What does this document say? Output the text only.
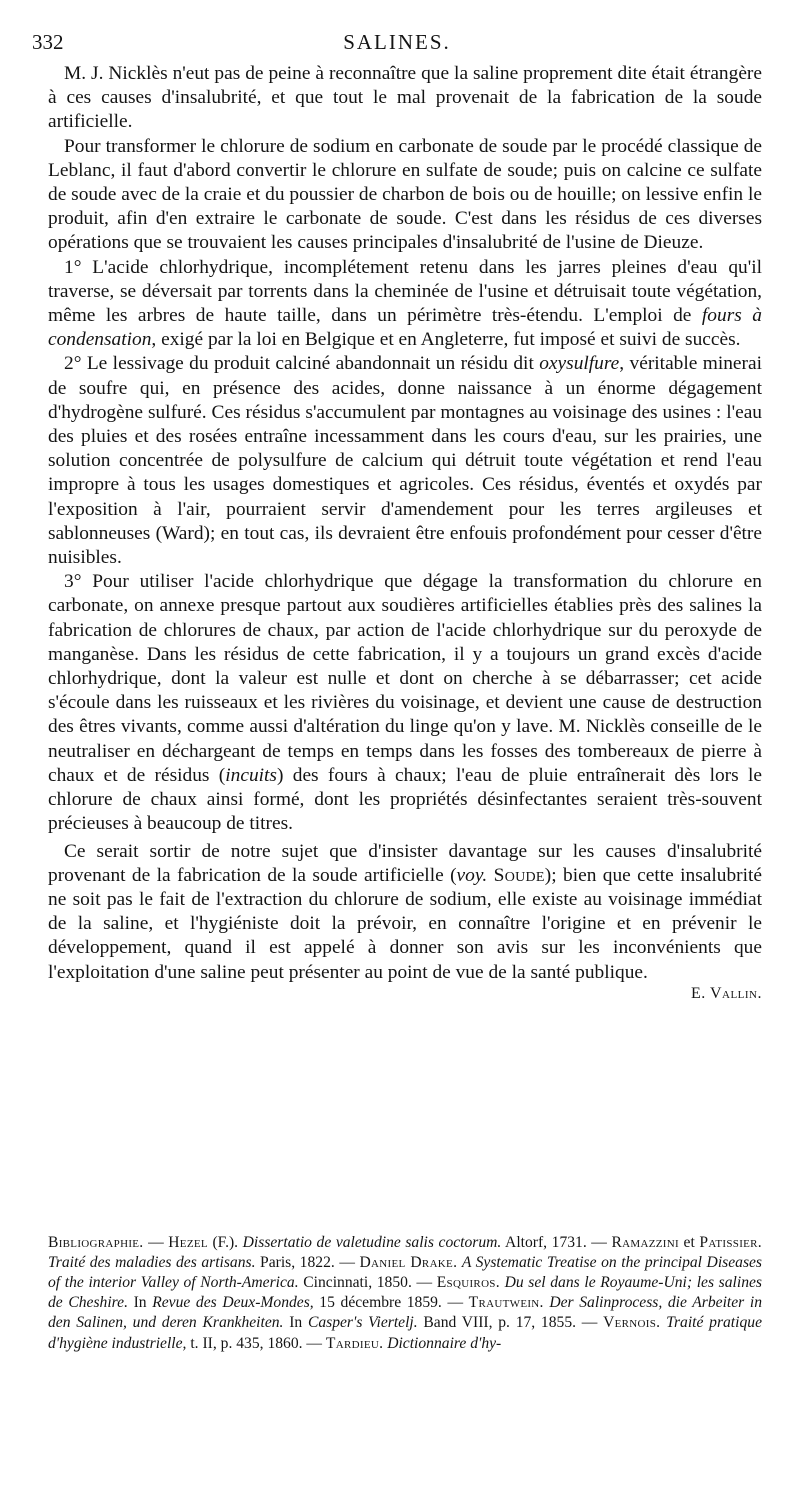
332	SALINES.

M. J. Nicklès n'eut pas de peine à reconnaître que la saline proprement dite était étrangère à ces causes d'insalubrité, et que tout le mal provenait de la fabrication de la soude artificielle.

Pour transformer le chlorure de sodium en carbonate de soude par le procédé classique de Leblanc, il faut d'abord convertir le chlorure en sulfate de soude; puis on calcine ce sulfate de soude avec de la craie et du poussier de charbon de bois ou de houille; on lessive enfin le produit, afin d'en extraire le carbonate de soude. C'est dans les résidus de ces diverses opérations que se trouvaient les causes principales d'insalubrité de l'usine de Dieuze.

1° L'acide chlorhydrique, incomplétement retenu dans les jarres pleines d'eau qu'il traverse, se déversait par torrents dans la cheminée de l'usine et détruisait toute végétation, même les arbres de haute taille, dans un périmètre très-étendu. L'emploi de fours à condensation, exigé par la loi en Belgique et en Angleterre, fut imposé et suivi de succès.

2° Le lessivage du produit calciné abandonnait un résidu dit oxysulfure, véritable minerai de soufre qui, en présence des acides, donne naissance à un énorme dégagement d'hydrogène sulfuré. Ces résidus s'accumulent par montagnes au voisinage des usines : l'eau des pluies et des rosées entraîne incessamment dans les cours d'eau, sur les prairies, une solution concentrée de polysulfure de calcium qui détruit toute végétation et rend l'eau impropre à tous les usages domestiques et agricoles. Ces résidus, éventés et oxydés par l'exposition à l'air, pourraient servir d'amendement pour les terres argileuses et sablonneuses (Ward); en tout cas, ils devraient être enfouis profondément pour cesser d'être nuisibles.

3° Pour utiliser l'acide chlorhydrique que dégage la transformation du chlorure en carbonate, on annexe presque partout aux soudières artificielles établies près des salines la fabrication de chlorures de chaux, par action de l'acide chlorhydrique sur du peroxyde de manganèse. Dans les résidus de cette fabrication, il y a toujours un grand excès d'acide chlorhydrique, dont la valeur est nulle et dont on cherche à se débarrasser; cet acide s'écoule dans les ruisseaux et les rivières du voisinage, et devient une cause de destruction des êtres vivants, comme aussi d'altération du linge qu'on y lave. M. Nicklès conseille de le neutraliser en déchargeant de temps en temps dans les fosses des tombereaux de pierre à chaux et de résidus (incuits) des fours à chaux; l'eau de pluie entraînerait dès lors le chlorure de chaux ainsi formé, dont les propriétés désinfectantes seraient très-souvent précieuses à beaucoup de titres.

Ce serait sortir de notre sujet que d'insister davantage sur les causes d'insalubrité provenant de la fabrication de la soude artificielle (voy. Soude); bien que cette insalubrité ne soit pas le fait de l'extraction du chlorure de sodium, elle existe au voisinage immédiat de la saline, et l'hygiéniste doit la prévoir, en connaître l'origine et en prévenir le développement, quand il est appelé à donner son avis sur les inconvénients que l'exploitation d'une saline peut présenter au point de vue de la santé publique.

E. Vallin.

Bibliographie. — Hezel (F.). Dissertatio de valetudine salis coctorum. Altorf, 1731. — Ramazzini et Patissier. Traité des maladies des artisans. Paris, 1822. — Daniel Drake. A Systematic Treatise on the principal Diseases of the interior Valley of North-America. Cincinnati, 1850. — Esquiros. Du sel dans le Royaume-Uni; les salines de Cheshire. In Revue des Deux-Mondes, 15 décembre 1859. — Trautwein. Der Salinprocess, die Arbeiter in den Salinen, und deren Krankheiten. In Casper's Viertelj. Band VIII, p. 17, 1855. — Vernois. Traité pratique d'hygiène industrielle, t. II, p. 435, 1860. — Tardieu. Dictionnaire d'hy-
